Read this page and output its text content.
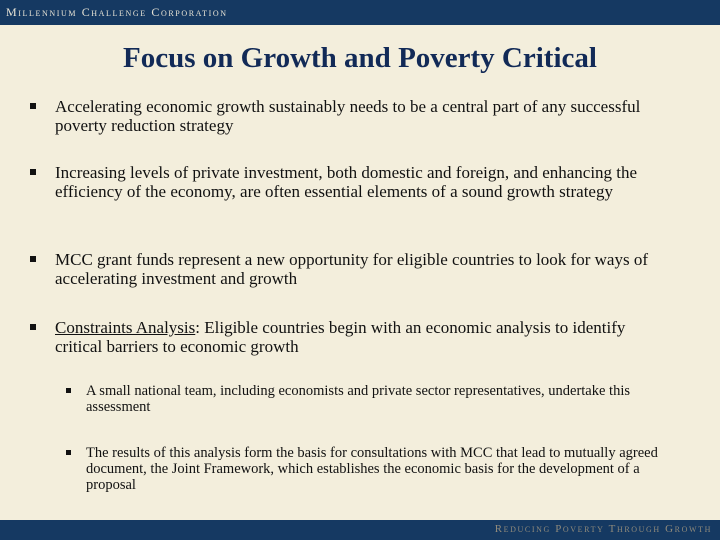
Millennium Challenge Corporation
Focus on Growth and Poverty Critical
Accelerating economic growth sustainably needs to be a central part of any successful poverty reduction strategy
Increasing levels of private investment, both domestic and foreign, and enhancing the efficiency of the economy, are often essential elements of a sound growth strategy
MCC grant funds represent a new opportunity for eligible countries to look for ways of accelerating investment and growth
Constraints Analysis: Eligible countries begin with an economic analysis to identify critical barriers to economic growth
A small national team, including economists and private sector representatives, undertake this assessment
The results of this analysis form the basis for consultations with MCC that lead to mutually agreed document, the Joint Framework, which establishes the economic basis for the development of a proposal
Reducing Poverty Through Growth
